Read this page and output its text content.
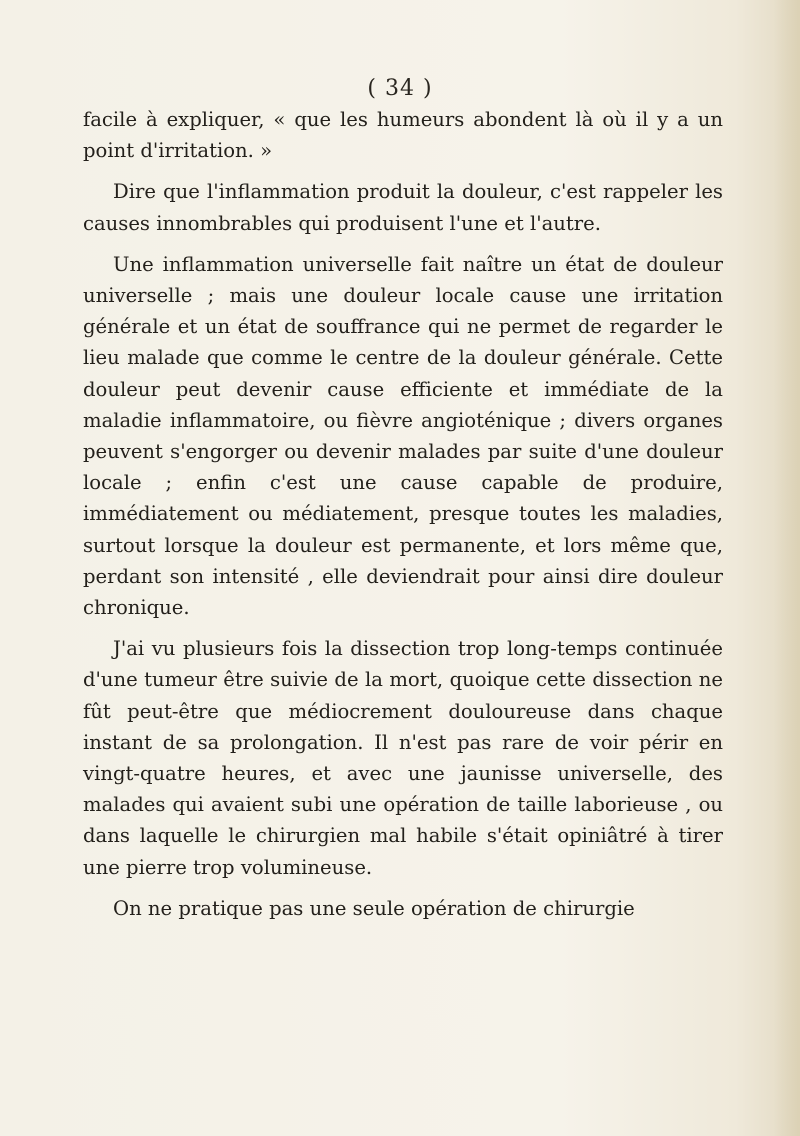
( 34 )

facile à expliquer, « que les humeurs abondent là où il y a un point d'irritation. »

Dire que l'inflammation produit la douleur, c'est rappeler les causes innombrables qui produisent l'une et l'autre.

Une inflammation universelle fait naître un état de douleur universelle ; mais une douleur locale cause une irritation générale et un état de souffrance qui ne permet de regarder le lieu malade que comme le centre de la douleur générale. Cette douleur peut devenir cause efficiente et immédiate de la maladie inflammatoire, ou fièvre angioténique ; divers organes peuvent s'engorger ou devenir malades par suite d'une douleur locale ; enfin c'est une cause capable de produire, immédiatement ou médiatement, presque toutes les maladies, surtout lorsque la douleur est permanente, et lors même que, perdant son intensité , elle deviendrait pour ainsi dire douleur chronique.

J'ai vu plusieurs fois la dissection trop long-temps continuée d'une tumeur être suivie de la mort, quoique cette dissection ne fût peut-être que médiocrement douloureuse dans chaque instant de sa prolongation. Il n'est pas rare de voir périr en vingt-quatre heures, et avec une jaunisse universelle, des malades qui avaient subi une opération de taille laborieuse , ou dans laquelle le chirurgien mal habile s'était opiniâtré à tirer une pierre trop volumineuse.

On ne pratique pas une seule opération de chirurgie
